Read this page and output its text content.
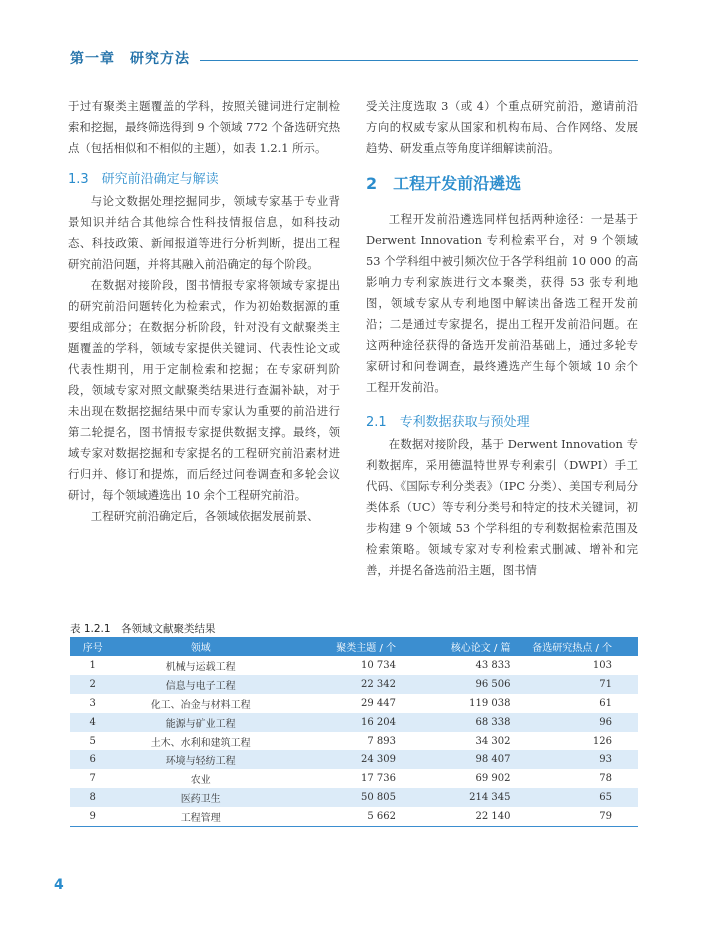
第一章　研究方法

于过有聚类主题覆盖的学科，按照关键词进行定制检索和挖掘，最终筛选得到 9 个领域 772 个备选研究热点（包括相似和不相似的主题），如表 1.2.1 所示。

1.3　研究前沿确定与解读

与论文数据处理挖掘同步，领域专家基于专业背景知识并结合其他综合性科技情报信息，如科技动态、科技政策、新闻报道等进行分析判断，提出工程研究前沿问题，并将其融入前沿确定的每个阶段。

在数据对接阶段，图书情报专家将领域专家提出的研究前沿问题转化为检索式，作为初始数据源的重要组成部分；在数据分析阶段，针对没有文献聚类主题覆盖的学科，领域专家提供关键词、代表性论文或代表性期刊，用于定制检索和挖掘；在专家研判阶段，领域专家对照文献聚类结果进行查漏补缺，对于未出现在数据挖掘结果中而专家认为重要的前沿进行第二轮提名，图书情报专家提供数据支撑。最终，领域专家对数据挖掘和专家提名的工程研究前沿素材进行归并、修订和提炼，而后经过问卷调查和多轮会议研讨，每个领域遴选出 10 余个工程研究前沿。

工程研究前沿确定后，各领域依据发展前景、

受关注度选取 3（或 4）个重点研究前沿，邀请前沿方向的权威专家从国家和机构布局、合作网络、发展趋势、研发重点等角度详细解读前沿。

2　工程开发前沿遴选

工程开发前沿遴选同样包括两种途径：一是基于 Derwent Innovation 专利检索平台，对 9 个领域 53 个学科组中被引频次位于各学科组前 10 000 的高影响力专利家族进行文本聚类，获得 53 张专利地图，领域专家从专利地图中解读出备选工程开发前沿；二是通过专家提名，提出工程开发前沿问题。在这两种途径获得的备选开发前沿基础上，通过多轮专家研讨和问卷调查，最终遴选产生每个领域 10 余个工程开发前沿。

2.1　专利数据获取与预处理

在数据对接阶段，基于 Derwent Innovation 专利数据库，采用德温特世界专利索引（DWPI）手工代码、《国际专利分类表》（IPC 分类）、美国专利局分类体系（UC）等专利分类号和特定的技术关键词，初步构建 9 个领域 53 个学科组的专利数据检索范围及检索策略。领域专家对专利检索式删减、增补和完善，并提名备选前沿主题，图书情

表 1.2.1　各领域文献聚类结果
序号	领域	聚类主题 / 个	核心论文 / 篇	备选研究热点 / 个
1	机械与运载工程	10 734	43 833	103
2	信息与电子工程	22 342	96 506	71
3	化工、冶金与材料工程	29 447	119 038	61
4	能源与矿业工程	16 204	68 338	96
5	土木、水利和建筑工程	7 893	34 302	126
6	环境与轻纺工程	24 309	98 407	93
7	农业	17 736	69 902	78
8	医药卫生	50 805	214 345	65
9	工程管理	5 662	22 140	79
4
